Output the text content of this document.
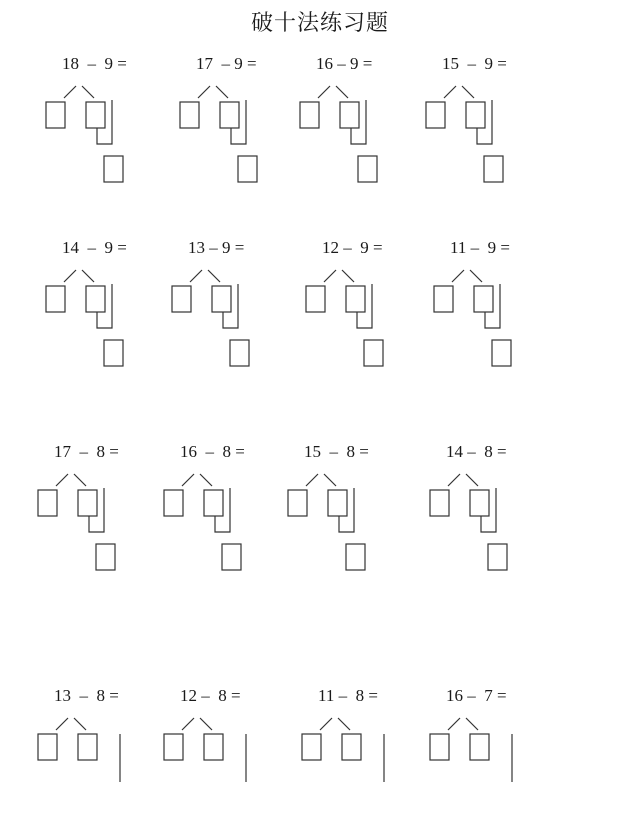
破十法练习题
18  –  9 =	17  – 9 =	16 – 9 =	15  –  9 =
14  –  9 =	13 – 9 =	12 –  9 =	11 –  9 =
17  –  8 =	16  –  8 =	15  –  8 =	14 –  8 =
13  –  8 =	12 –  8 =	11 –  8 =	16 –  7 =
